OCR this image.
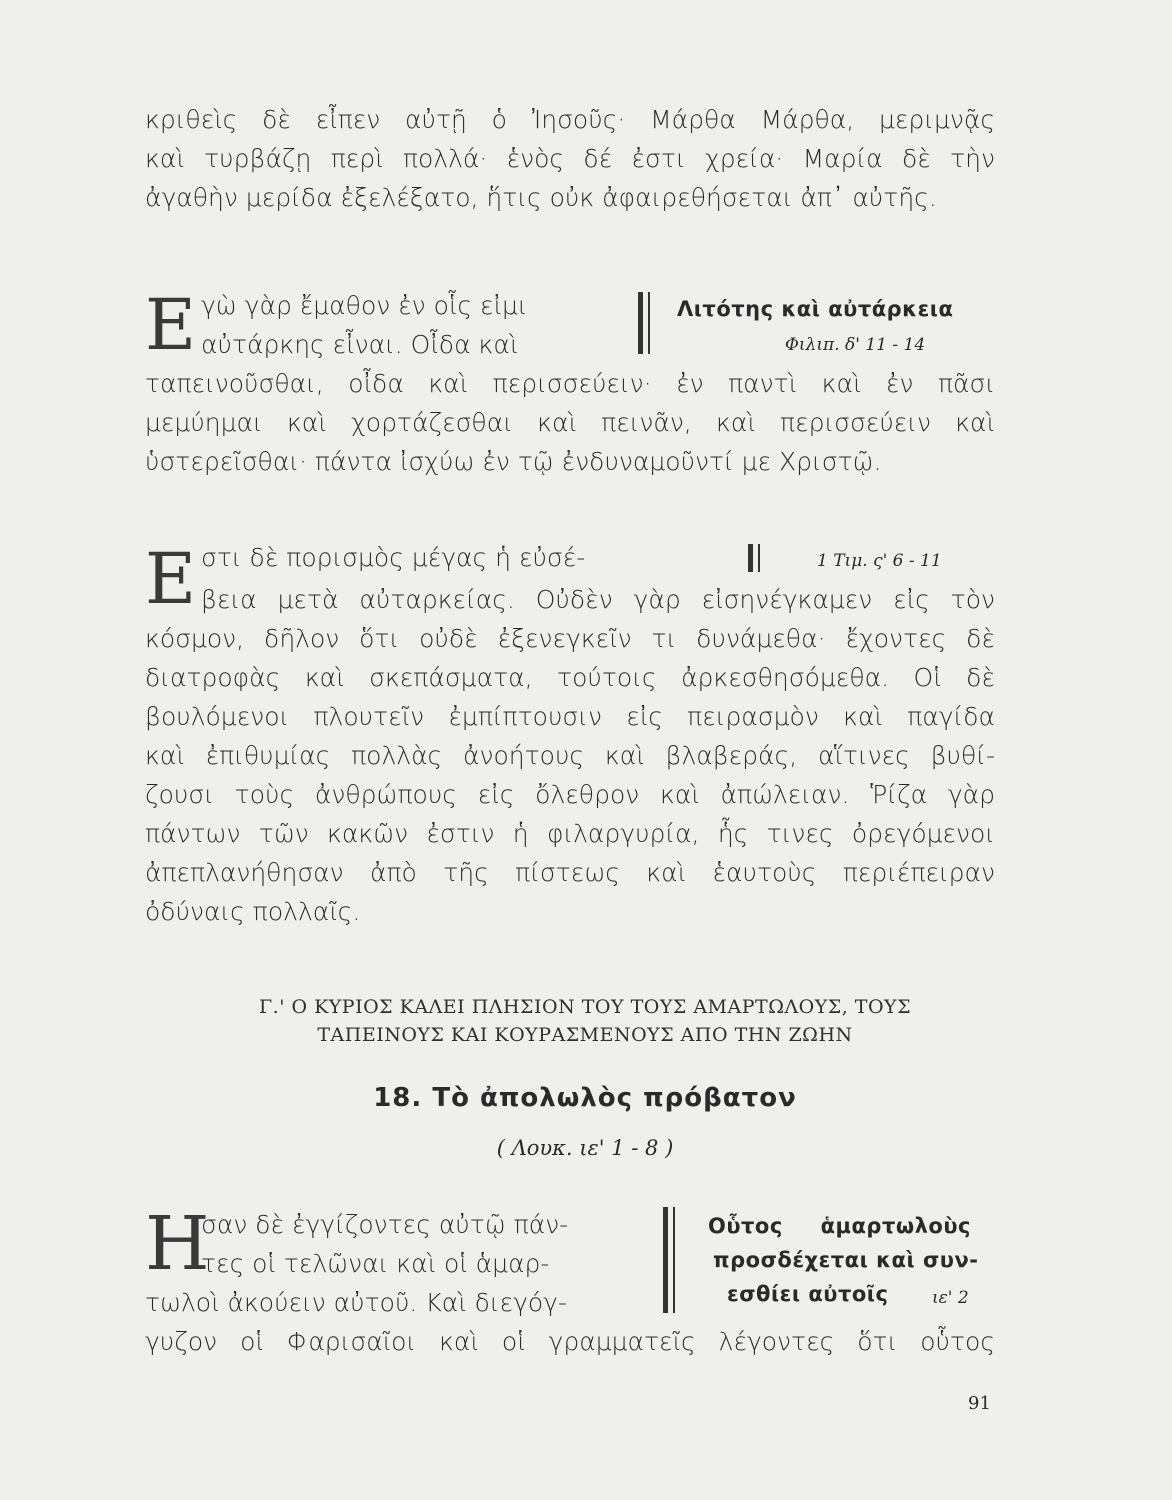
κριθεὶς δὲ εἶπεν αὐτῇ ὁ Ἰησοῦς· Μάρθα Μάρθα, μεριμνᾷς
καὶ τυρβάζῃ περὶ πολλά· ἑνὸς δέ ἐστι χρεία· Μαρία δὲ τὴν
ἀγαθὴν μερίδα ἐξελέξατο, ἥτις οὐκ ἀφαιρεθήσεται ἀπ᾽ αὐτῆς.
Ε γὼ γὰρ ἔμαθον ἐν οἷς εἰμι
αὐτάρκης εἶναι. Οἶδα καὶ
Λιτότης καὶ αὐτάρκεια
Φιλιπ. δ' 11 - 14
ταπεινοῦσθαι, οἶδα καὶ περισσεύειν· ἐν παντὶ καὶ ἐν πᾶσι
μεμύημαι καὶ χορτάζεσθαι καὶ πεινᾶν, καὶ περισσεύειν καὶ
ὑστερεῖσθαι· πάντα ἰσχύω ἐν τῷ ἐνδυναμοῦντί με Χριστῷ.
Ε στι δὲ πορισμὸς μέγας ἡ εὐσέ-	1 Τιμ. ς' 6 - 11
βεια μετὰ αὐταρκείας. Οὐδὲν γὰρ εἰσηνέγκαμεν εἰς τὸν
κόσμον, δῆλον ὅτι οὐδὲ ἐξενεγκεῖν τι δυνάμεθα· ἔχοντες δὲ
διατροφὰς καὶ σκεπάσματα, τούτοις ἀρκεσθησόμεθα. Οἱ δὲ
βουλόμενοι πλουτεῖν ἐμπίπτουσιν εἰς πειρασμὸν καὶ παγίδα
καὶ ἐπιθυμίας πολλὰς ἀνοήτους καὶ βλαβεράς, αἵτινες βυθί-
ζουσι τοὺς ἀνθρώπους εἰς ὄλεθρον καὶ ἀπώλειαν. Ῥίζα γὰρ
πάντων τῶν κακῶν ἐστιν ἡ φιλαργυρία, ἧς τινες ὀρεγόμενοι
ἀπεπλανήθησαν ἀπὸ τῆς πίστεως καὶ ἑαυτοὺς περιέπειραν
ὀδύναις πολλαῖς.
Γ.' Ο ΚΥΡΙΟΣ ΚΑΛΕΙ ΠΛΗΣΙΟΝ ΤΟΥ ΤΟΥΣ ΑΜΑΡΤΩΛΟΥΣ, ΤΟΥΣ
ΤΑΠΕΙΝΟΥΣ ΚΑΙ ΚΟΥΡΑΣΜΕΝΟΥΣ ΑΠΟ ΤΗΝ ΖΩΗΝ
18. Τὸ ἀπολωλὸς πρόβατον
( Λουκ. ιε' 1 - 8 )
Η
σαν δὲ ἐγγίζοντες αὐτῷ πάν-
τες οἱ τελῶναι καὶ οἱ ἁμαρ-
τωλοὶ ἀκούειν αὐτοῦ. Καὶ διεγόγ-
Οὗτος ἁμαρτωλοὺς
προσδέχεται καὶ συν-
εσθίει αὐτοῖς	ιε' 2
γυζον οἱ Φαρισαῖοι καὶ οἱ γραμματεῖς λέγοντες ὅτι οὗτος
91
